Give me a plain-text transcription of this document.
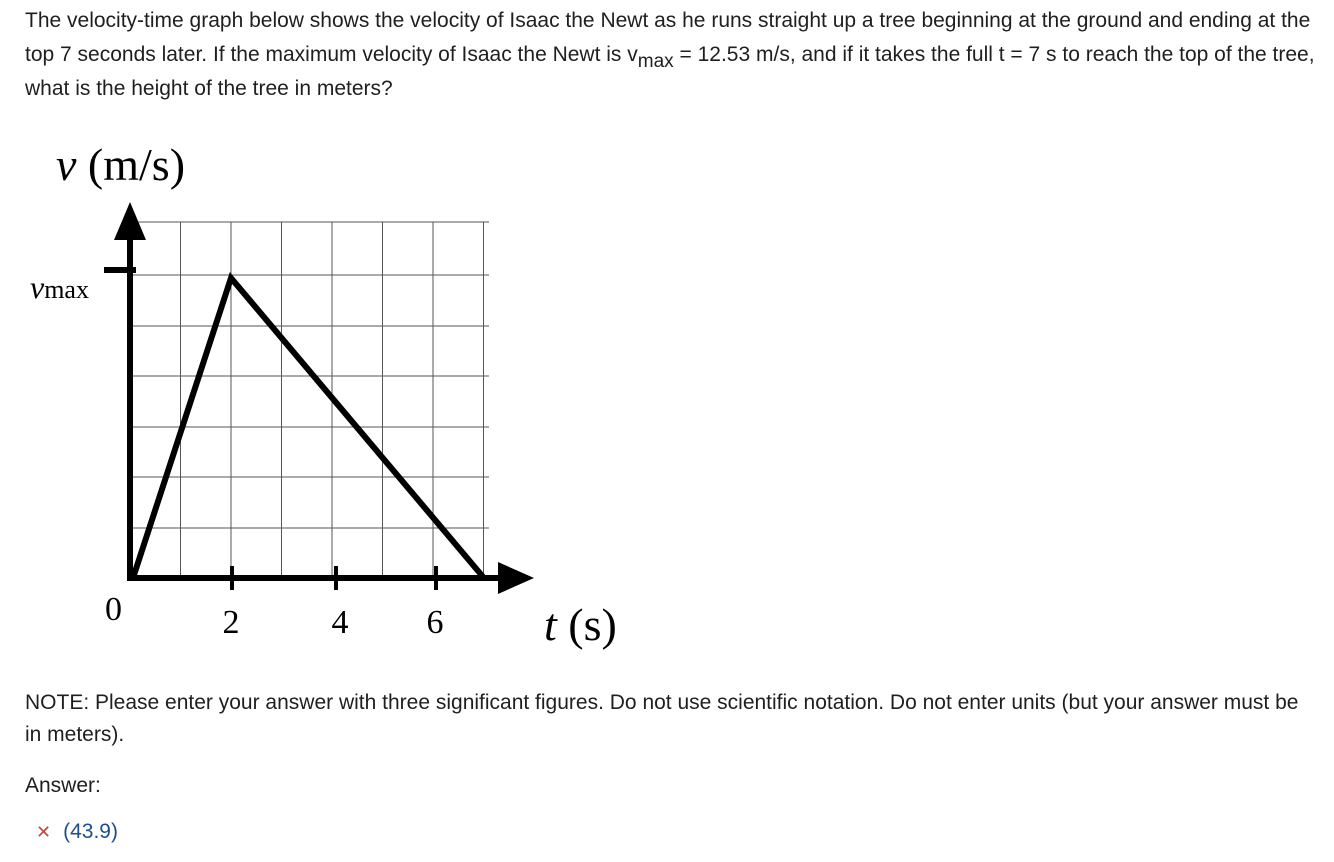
The velocity-time graph below shows the velocity of Isaac the Newt as he runs straight up a tree beginning at the ground and ending at the top 7 seconds later. If the maximum velocity of Isaac the Newt is $v_{max} = 12.53$ m/s, and if it takes the full t = 7 s to reach the top of the tree, what is the height of the tree in meters?

v (m/s)
vmax
0	2	4 6 t (s)

NOTE: Please enter your answer with three significant figures. Do not use scientific notation. Do not enter units (but your answer must be in meters).

Answer:
✕ (43.9)
